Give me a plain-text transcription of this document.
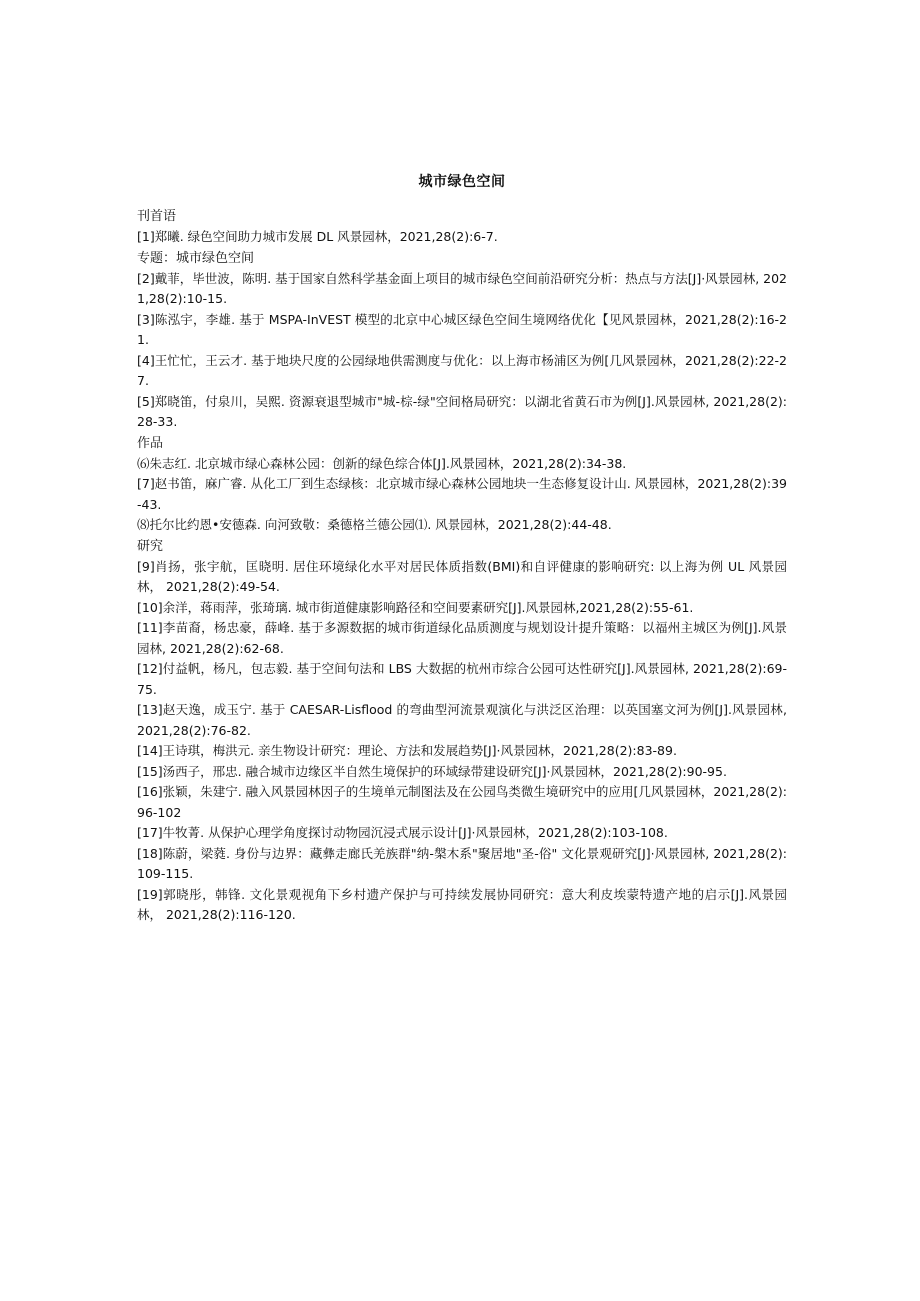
城市绿色空间

刊首语

[1]郑曦. 绿色空间助力城市发展 DL 风景园林，2021,28(2):6-7.

专题：城市绿色空间

[2]戴菲，毕世波，陈明. 基于国家自然科学基金面上项目的城市绿色空间前沿研究分析：热点与方法[J]·风景园林, 2021,28(2):10-15.

[3]陈泓宇，李雄. 基于 MSPA-InVEST 模型的北京中心城区绿色空间生境网络优化【见风景园林，2021,28(2):16-21.

[4]王忙忙，王云才. 基于地块尺度的公园绿地供需测度与优化：以上海市杨浦区为例[几风景园林，2021,28(2):22-27.

[5]郑晓笛，付泉川，吴熙. 资源衰退型城市"城-棕-绿"空间格局研究：以湖北省黄石市为例[J].风景园林, 2021,28(2):28-33.

作品

⑹朱志红. 北京城市绿心森林公园：创新的绿色综合体[J].风景园林，2021,28(2):34-38.

[7]赵书笛，麻广睿. 从化工厂到生态绿核：北京城市绿心森林公园地块一生态修复设计山. 风景园林，2021,28(2):39-43.

⑻托尔比约恩•安德森. 向河致敬：桑德格兰德公园⑴. 风景园林，2021,28(2):44-48.

研究

[9]肖扬，张宇航，匡晓明. 居住环境绿化水平对居民体质指数(BMI)和自评健康的影响研究: 以上海为例 UL 风景园林， 2021,28(2):49-54.

[10]余洋，蒋雨萍，张琦璃. 城市街道健康影响路径和空间要素研究[J].风景园林,2021,28(2):55-61.

[11]李苗裔，杨忠豪，薛峰. 基于多源数据的城市街道绿化品质测度与规划设计提升策略：以福州主城区为例[J].风景园林, 2021,28(2):62-68.

[12]付益帆，杨凡，包志毅. 基于空间句法和 LBS 大数据的杭州市综合公园可达性研究[J].风景园林, 2021,28(2):69-75.

[13]赵天逸，成玉宁. 基于 CAESAR-Lisflood 的弯曲型河流景观演化与洪泛区治理：以英国塞文河为例[J].风景园林, 2021,28(2):76-82.

[14]王诗琪，梅洪元. 亲生物设计研究：理论、方法和发展趋势[J]·风景园林，2021,28(2):83-89.

[15]汤西子，邢忠. 融合城市边缘区半自然生境保护的环域绿带建设研究[J]·风景园林，2021,28(2):90-95.

[16]张颖，朱建宁. 融入风景园林因子的生境单元制图法及在公园鸟类微生境研究中的应用[几风景园林，2021,28(2):96-102

[17]牛牧菁. 从保护心理学角度探讨动物园沉浸式展示设计[J]·风景园林，2021,28(2):103-108.

[18]陈蔚，梁蕤. 身份与边界：藏彝走廊氏羌族群"纳-槃木系"聚居地"圣-俗" 文化景观研究[J]·风景园林, 2021,28(2):109-115.

[19]郭晓彤，韩锋. 文化景观视角下乡村遗产保护与可持续发展协同研究：意大利皮埃蒙特遗产地的启示[J].风景园林， 2021,28(2):116-120.
